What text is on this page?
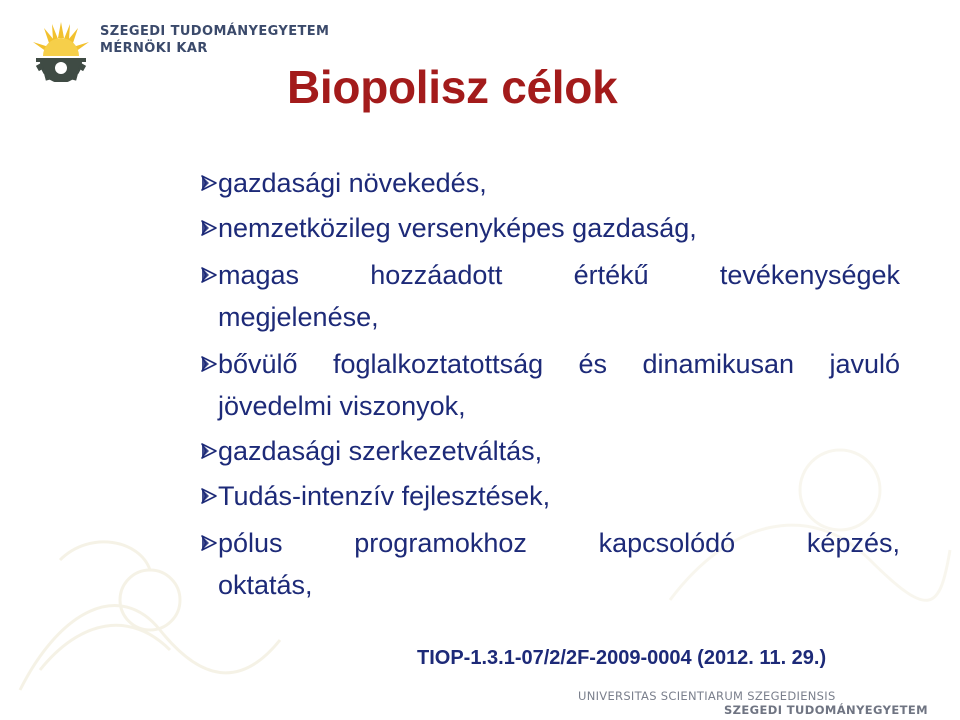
SZEGEDI TUDOMÁNYEGYETEM
MÉRNÖKI KAR
Biopolisz célok
gazdasági növekedés,
nemzetközileg versenyképes gazdaság,
magas hozzáadott értékű tevékenységek
megjelenése,
bővülő foglalkoztatottság és dinamikusan javuló
jövedelmi viszonyok,
gazdasági szerkezetváltás,
Tudás-intenzív fejlesztések,
pólus programokhoz kapcsolódó képzés,
oktatás,
TIOP-1.3.1-07/2/2F-2009-0004 (2012. 11. 29.)
UNIVERSITAS SCIENTIARUM SZEGEDIENSIS
SZEGEDI TUDOMÁNYEGYETEM
